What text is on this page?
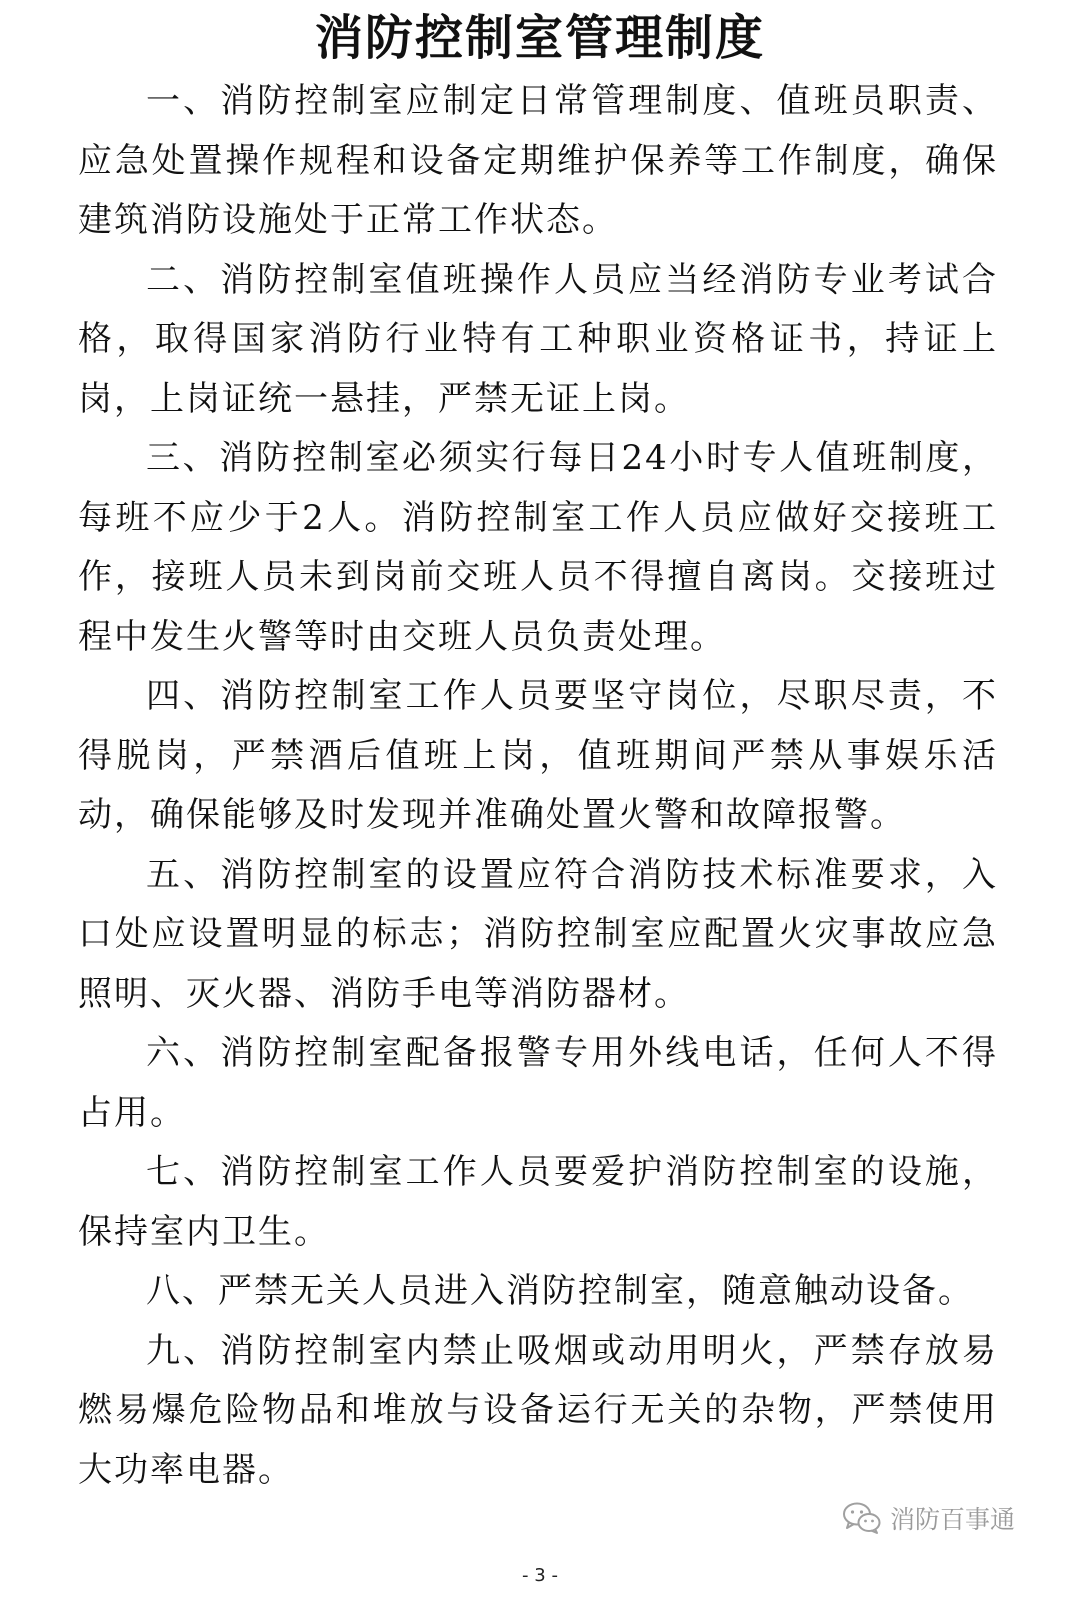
消防控制室管理制度

一、消防控制室应制定日常管理制度、值班员职责、应急处置操作规程和设备定期维护保养等工作制度，确保建筑消防设施处于正常工作状态。

二、消防控制室值班操作人员应当经消防专业考试合格，取得国家消防行业特有工种职业资格证书，持证上岗，上岗证统一悬挂，严禁无证上岗。

三、消防控制室必须实行每日24小时专人值班制度，每班不应少于2人。消防控制室工作人员应做好交接班工作，接班人员未到岗前交班人员不得擅自离岗。交接班过程中发生火警等时由交班人员负责处理。

四、消防控制室工作人员要坚守岗位，尽职尽责，不得脱岗，严禁酒后值班上岗，值班期间严禁从事娱乐活动，确保能够及时发现并准确处置火警和故障报警。

五、消防控制室的设置应符合消防技术标准要求，入口处应设置明显的标志；消防控制室应配置火灾事故应急照明、灭火器、消防手电等消防器材。

六、消防控制室配备报警专用外线电话，任何人不得占用。

七、消防控制室工作人员要爱护消防控制室的设施，保持室内卫生。

八、严禁无关人员进入消防控制室，随意触动设备。

九、消防控制室内禁止吸烟或动用明火，严禁存放易燃易爆危险物品和堆放与设备运行无关的杂物，严禁使用大功率电器。

消防百事通
- 3 -
